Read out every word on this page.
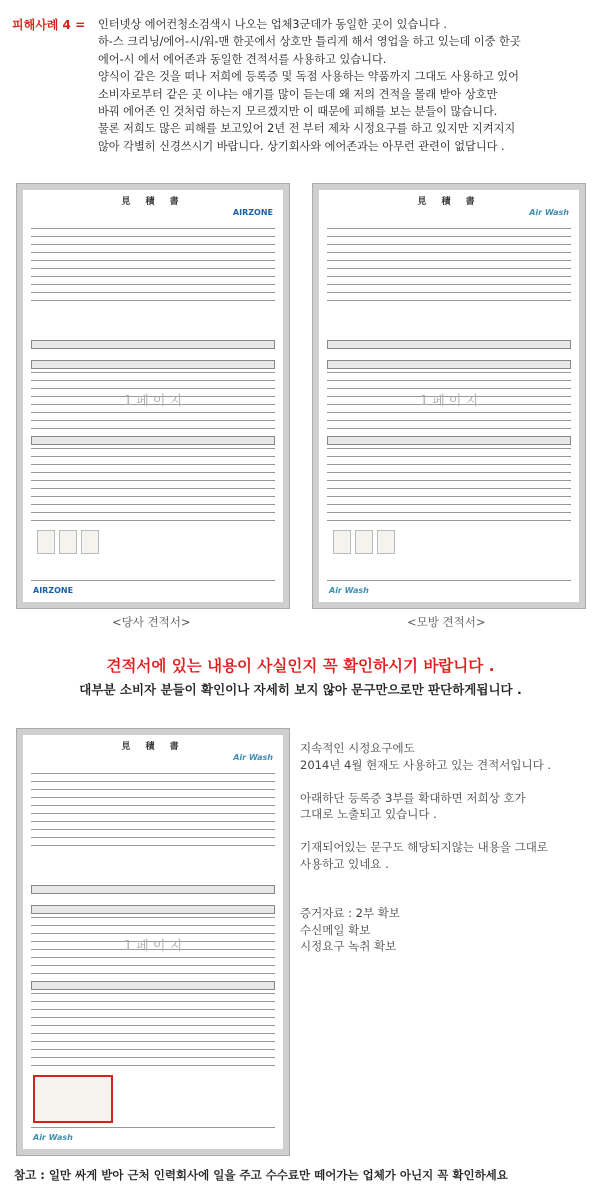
피해사례 4 = 인터넷상 에어컨청소검색시 나오는 업체3군데가 동일한 곳이 있습니다 .

하-스 크리닝/에어-시/워-맨 한곳에서 상호만 틀리게 해서 영업을 하고 있는데 이중 한곳

에어-시 에서 에어존과 동일한 견적서를 사용하고 있습니다.

양식이 같은 것을 떠나 저희에 등록증 및 독점 사용하는 약품까지 그대도 사용하고 있어

소비자로부터 같은 곳 이냐는 애기를 많이 듣는데 왜 저의 견적을 몰래 받아 상호만

바꿔 에어존 인 것처럼 하는지 모르겠지만 이 때문에 피해를 보는 분들이 많습니다.

물론 저희도 많은 피해를 보고있어 2년 전 부터 제차 시정요구를 하고 있지만 지켜지지

않아 각별히 신경쓰시기 바랍니다. 상기회사와 에어존과는 아무런 관련이 없답니다 .

見 積 書
AIRZONE
1 페 이 지
AIRZONE
<당사 견적서>
見 積 書
Air Wash
1 페 이 지
Air Wash
<모방 견적서>
견적서에 있는 내용이 사실인지 꼭 확인하시기 바랍니다 .
대부분 소비자 분들이 확인이나 자세히 보지 않아 문구만으로만 판단하게됩니다 .
見 積 書
Air Wash
1 페 이 지
Air Wash

지속적인 시정요구에도

2014년 4월 현재도 사용하고 있는 견적서입니다 .

아래하단 등록증 3부를 확대하면 저희상 호가

그대로 노출되고 있습니다 .

기재되어있는 문구도 해당되지않는 내용을 그대로

사용하고 있네요 .

증거자료 : 2부 확보

수신메일 확보

시정요구 녹취 확보

참고 : 일만 싸게 받아 근처 인력회사에 일을 주고 수수료만 떼어가는 업체가 아닌지 꼭 확인하세요
